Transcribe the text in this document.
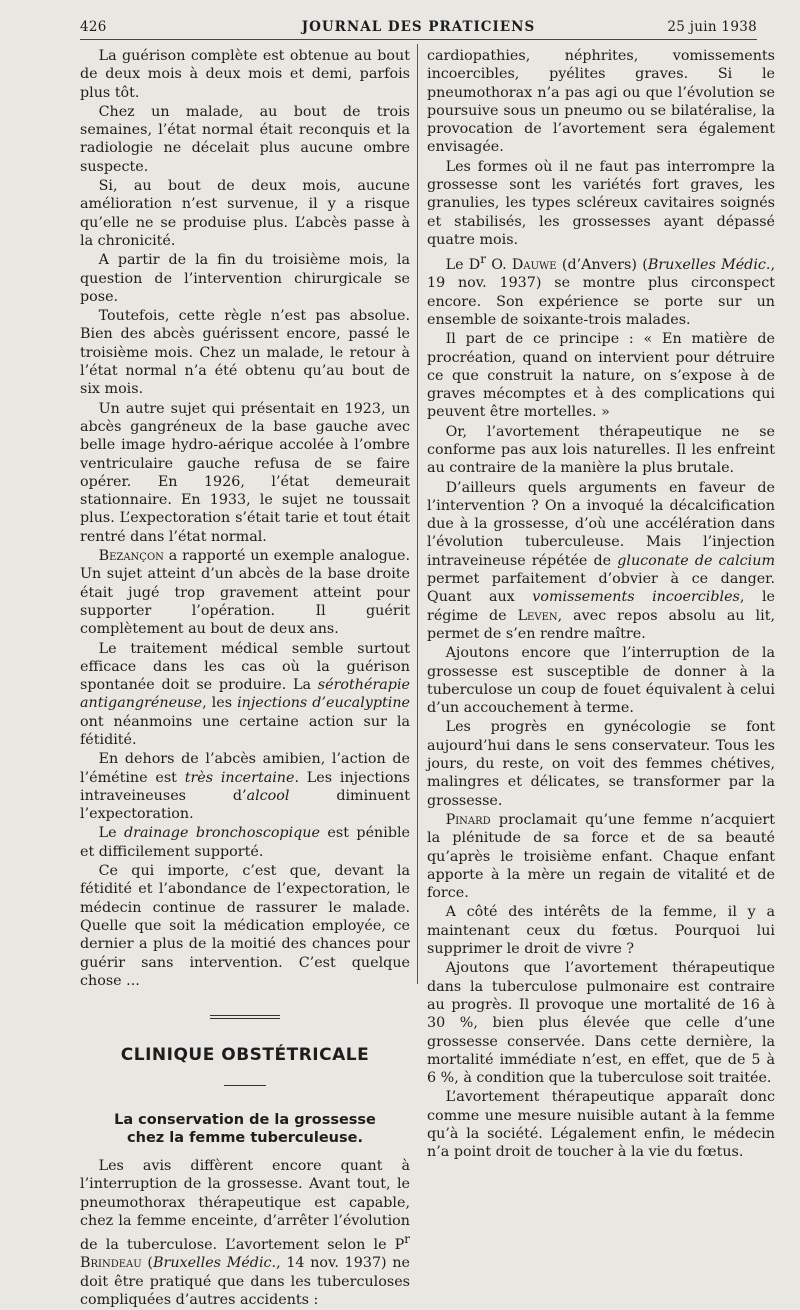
426	JOURNAL DES PRATICIENS	25 juin 1938

La guérison complète est obtenue au bout de deux mois à deux mois et demi, parfois plus tôt.

Chez un malade, au bout de trois semaines, l’état normal était reconquis et la radiologie ne décelait plus aucune ombre suspecte.

Si, au bout de deux mois, aucune amélioration n’est survenue, il y a risque qu’elle ne se produise plus. L’abcès passe à la chronicité.

A partir de la fin du troisième mois, la question de l’intervention chirurgicale se pose.

Toutefois, cette règle n’est pas absolue. Bien des abcès guérissent encore, passé le troisième mois. Chez un malade, le retour à l’état normal n’a été obtenu qu’au bout de six mois.

Un autre sujet qui présentait en 1923, un abcès gangréneux de la base gauche avec belle image hydro-aérique accolée à l’ombre ventriculaire gauche refusa de se faire opérer. En 1926, l’état demeurait stationnaire. En 1933, le sujet ne toussait plus. L’expectoration s’était tarie et tout était rentré dans l’état normal.

Bezançon a rapporté un exemple analogue. Un sujet atteint d’un abcès de la base droite était jugé trop gravement atteint pour supporter l’opération. Il guérit complètement au bout de deux ans.

Le traitement médical semble surtout efficace dans les cas où la guérison spontanée doit se produire. La sérothérapie antigangréneuse, les injections d’eucalyptine ont néanmoins une certaine action sur la fétidité.

En dehors de l’abcès amibien, l’action de l’émétine est très incertaine. Les injections intraveineuses d’alcool diminuent l’expectoration.

Le drainage bronchoscopique est pénible et difficilement supporté.

Ce qui importe, c’est que, devant la fétidité et l’abondance de l’expectoration, le médecin continue de rassurer le malade. Quelle que soit la médication employée, ce dernier a plus de la moitié des chances pour guérir sans intervention. C’est quelque chose ...

CLINIQUE OBSTÉTRICALE
La conservation de la grossesse
chez la femme tuberculeuse.

Les avis diffèrent encore quant à l’interruption de la grossesse. Avant tout, le pneumothorax thérapeutique est capable, chez la femme enceinte, d’arrêter l’évolution de la tuberculose. L’avortement selon le $P^r$ Brindeau (Bruxelles Médic., 14 nov. 1937) ne doit être pratiqué que dans les tuberculoses compliquées d’autres accidents :

cardiopathies, néphrites, vomissements incoercibles, pyélites graves. Si le pneumothorax n’a pas agi ou que l’évolution se poursuive sous un pneumo ou se bilatéralise, la provocation de l’avortement sera également envisagée.

Les formes où il ne faut pas interrompre la grossesse sont les variétés fort graves, les granulies, les types scléreux cavitaires soignés et stabilisés, les grossesses ayant dépassé quatre mois.

Le $D^r$ O. Dauwe (d’Anvers) (Bruxelles Médic., 19 nov. 1937) se montre plus circonspect encore. Son expérience se porte sur un ensemble de soixante-trois malades.

Il part de ce principe : « En matière de procréation, quand on intervient pour détruire ce que construit la nature, on s’expose à de graves mécomptes et à des complications qui peuvent être mortelles. »

Or, l’avortement thérapeutique ne se conforme pas aux lois naturelles. Il les enfreint au contraire de la manière la plus brutale.

D’ailleurs quels arguments en faveur de l’intervention ? On a invoqué la décalcification due à la grossesse, d’où une accélération dans l’évolution tuberculeuse. Mais l’injection intraveineuse répétée de gluconate de calcium permet parfaitement d’obvier à ce danger. Quant aux vomissements incoercibles, le régime de Leven, avec repos absolu au lit, permet de s’en rendre maître.

Ajoutons encore que l’interruption de la grossesse est susceptible de donner à la tuberculose un coup de fouet équivalent à celui d’un accouchement à terme.

Les progrès en gynécologie se font aujourd’hui dans le sens conservateur. Tous les jours, du reste, on voit des femmes chétives, malingres et délicates, se transformer par la grossesse.

Pinard proclamait qu’une femme n’acquiert la plénitude de sa force et de sa beauté qu’après le troisième enfant. Chaque enfant apporte à la mère un regain de vitalité et de force.

A côté des intérêts de la femme, il y a maintenant ceux du fœtus. Pourquoi lui supprimer le droit de vivre ?

Ajoutons que l’avortement thérapeutique dans la tuberculose pulmonaire est contraire au progrès. Il provoque une mortalité de 16 à 30 %, bien plus élevée que celle d’une grossesse conservée. Dans cette dernière, la mortalité immédiate n’est, en effet, que de 5 à 6 %, à condition que la tuberculose soit traitée.

L’avortement thérapeutique apparaît donc comme une mesure nuisible autant à la femme qu’à la société. Légalement enfin, le médecin n’a point droit de toucher à la vie du fœtus.
